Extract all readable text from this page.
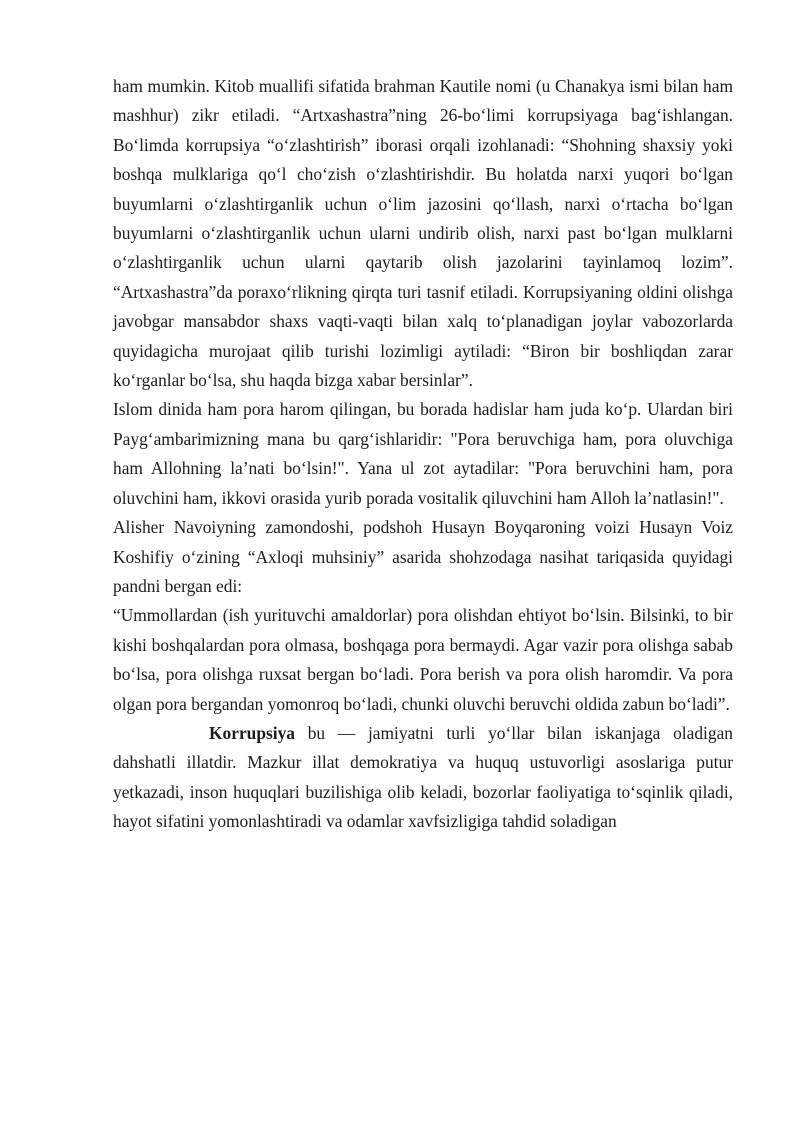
ham mumkin. Kitob muallifi sifatida brahman Kautile nomi (u Chanakya ismi bilan ham mashhur) zikr etiladi. “Artxashastra”ning 26-boʻlimi korrupsiyaga bagʻishlangan. Boʻlimda korrupsiya “oʻzlashtirish” iborasi orqali izohlanadi: “Shohning shaxsiy yoki boshqa mulklariga qoʻl choʻzish oʻzlashtirishdir. Bu holatda narxi yuqori boʻlgan buyumlarni oʻzlashtirganlik uchun oʻlim jazosini qoʻllash, narxi oʻrtacha boʻlgan buyumlarni oʻzlashtirganlik uchun ularni undirib olish, narxi past boʻlgan mulklarni oʻzlashtirganlik uchun ularni qaytarib olish jazolarini tayinlamoq lozim”. “Artxashastra”da poraxoʻrlikning qirqta turi tasnif etiladi. Korrupsiyaning oldini olishga javobgar mansabdor shaxs vaqti-vaqti bilan xalq toʻplanadigan joylar vabozorlarda quyidagicha murojaat qilib turishi lozimligi aytiladi: “Biron bir boshliqdan zarar koʻrganlar boʻlsa, shu haqda bizga xabar bersinlar”.

Islom dinida ham pora harom qilingan, bu borada hadislar ham juda koʻp. Ulardan biri Paygʻambarimizning mana bu qargʻishlaridir: "Pora beruvchiga ham, pora oluvchiga ham Allohning laʼnati boʻlsin!". Yana ul zot aytadilar: "Pora beruvchini ham, pora oluvchini ham, ikkovi orasida yurib porada vositalik qiluvchini ham Alloh laʼnatlasin!".

Alisher Navoiyning zamondoshi, podshoh Husayn Boyqaroning voizi Husayn Voiz Koshifiy oʻzining “Axloqi muhsiniy” asarida shohzodaga nasihat tariqasida quyidagi pandni bergan edi:

“Ummollardan (ish yurituvchi amaldorlar) pora olishdan ehtiyot boʻlsin. Bilsinki, to bir kishi boshqalardan pora olmasa, boshqaga pora bermaydi. Agar vazir pora olishga sabab boʻlsa, pora olishga ruxsat bergan boʻladi. Pora berish va pora olish haromdir. Va pora olgan pora bergandan yomonroq boʻladi, chunki oluvchi beruvchi oldida zabun boʻladi”.

Korrupsiya bu — jamiyatni turli yoʻllar bilan iskanjaga oladigan dahshatli illatdir. Mazkur illat demokratiya va huquq ustuvorligi asoslariga putur yetkazadi, inson huquqlari buzilishiga olib keladi, bozorlar faoliyatiga toʻsqinlik qiladi, hayot sifatini yomonlashtiradi va odamlar xavfsizligiga tahdid soladigan
